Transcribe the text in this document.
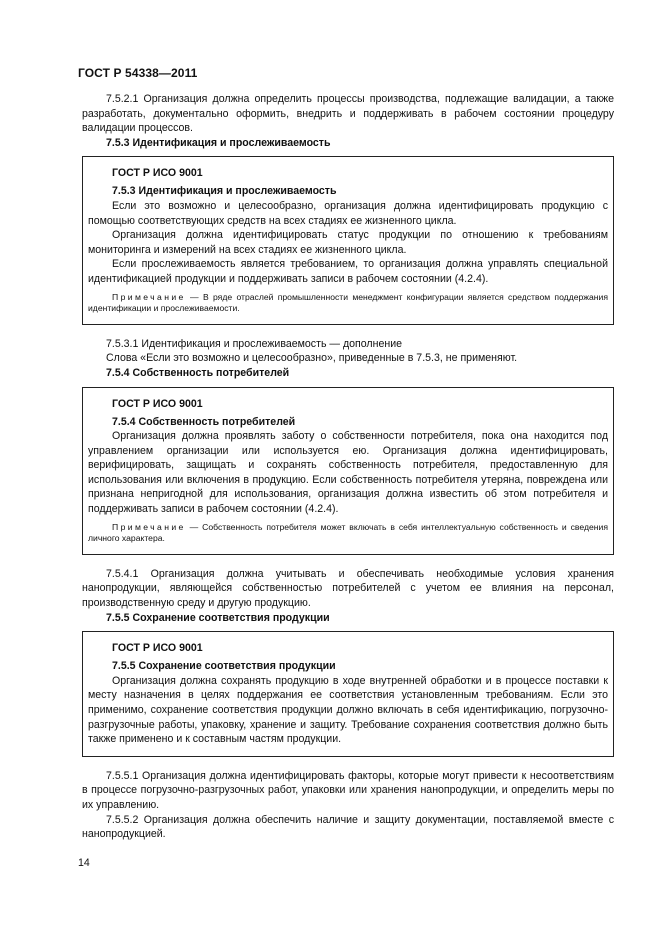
ГОСТ Р 54338—2011

7.5.2.1 Организация должна определить процессы производства, подлежащие валидации, а также разработать, документально оформить, внедрить и поддерживать в рабочем состоянии процедуру валидации процессов.

7.5.3 Идентификация и прослеживаемость

ГОСТ Р ИСО 9001

7.5.3 Идентификация и прослеживаемость

Если это возможно и целесообразно, организация должна идентифицировать продукцию с помощью соответствующих средств на всех стадиях ее жизненного цикла.

Организация должна идентифицировать статус продукции по отношению к требованиям мониторинга и измерений на всех стадиях ее жизненного цикла.

Если прослеживаемость является требованием, то организация должна управлять специальной идентификацией продукции и поддерживать записи в рабочем состоянии (4.2.4).

Примечание — В ряде отраслей промышленности менеджмент конфигурации является средством поддержания идентификации и прослеживаемости.

7.5.3.1 Идентификация и прослеживаемость — дополнение

Слова «Если это возможно и целесообразно», приведенные в 7.5.3, не применяют.

7.5.4 Собственность потребителей

ГОСТ Р ИСО 9001

7.5.4 Собственность потребителей

Организация должна проявлять заботу о собственности потребителя, пока она находится под управлением организации или используется ею. Организация должна идентифицировать, верифицировать, защищать и сохранять собственность потребителя, предоставленную для использования или включения в продукцию. Если собственность потребителя утеряна, повреждена или признана непригодной для использования, организация должна известить об этом потребителя и поддерживать записи в рабочем состоянии (4.2.4).

Примечание — Собственность потребителя может включать в себя интеллектуальную собственность и сведения личного характера.

7.5.4.1 Организация должна учитывать и обеспечивать необходимые условия хранения нанопродукции, являющейся собственностью потребителей с учетом ее влияния на персонал, производственную среду и другую продукцию.

7.5.5 Сохранение соответствия продукции

ГОСТ Р ИСО 9001

7.5.5 Сохранение соответствия продукции

Организация должна сохранять продукцию в ходе внутренней обработки и в процессе поставки к месту назначения в целях поддержания ее соответствия установленным требованиям. Если это применимо, сохранение соответствия продукции должно включать в себя идентификацию, погрузочно-разгрузочные работы, упаковку, хранение и защиту. Требование сохранения соответствия должно быть также применено и к составным частям продукции.

7.5.5.1 Организация должна идентифицировать факторы, которые могут привести к несоответствиям в процессе погрузочно-разгрузочных работ, упаковки или хранения нанопродукции, и определить меры по их управлению.

7.5.5.2 Организация должна обеспечить наличие и защиту документации, поставляемой вместе с нанопродукцией.

14
